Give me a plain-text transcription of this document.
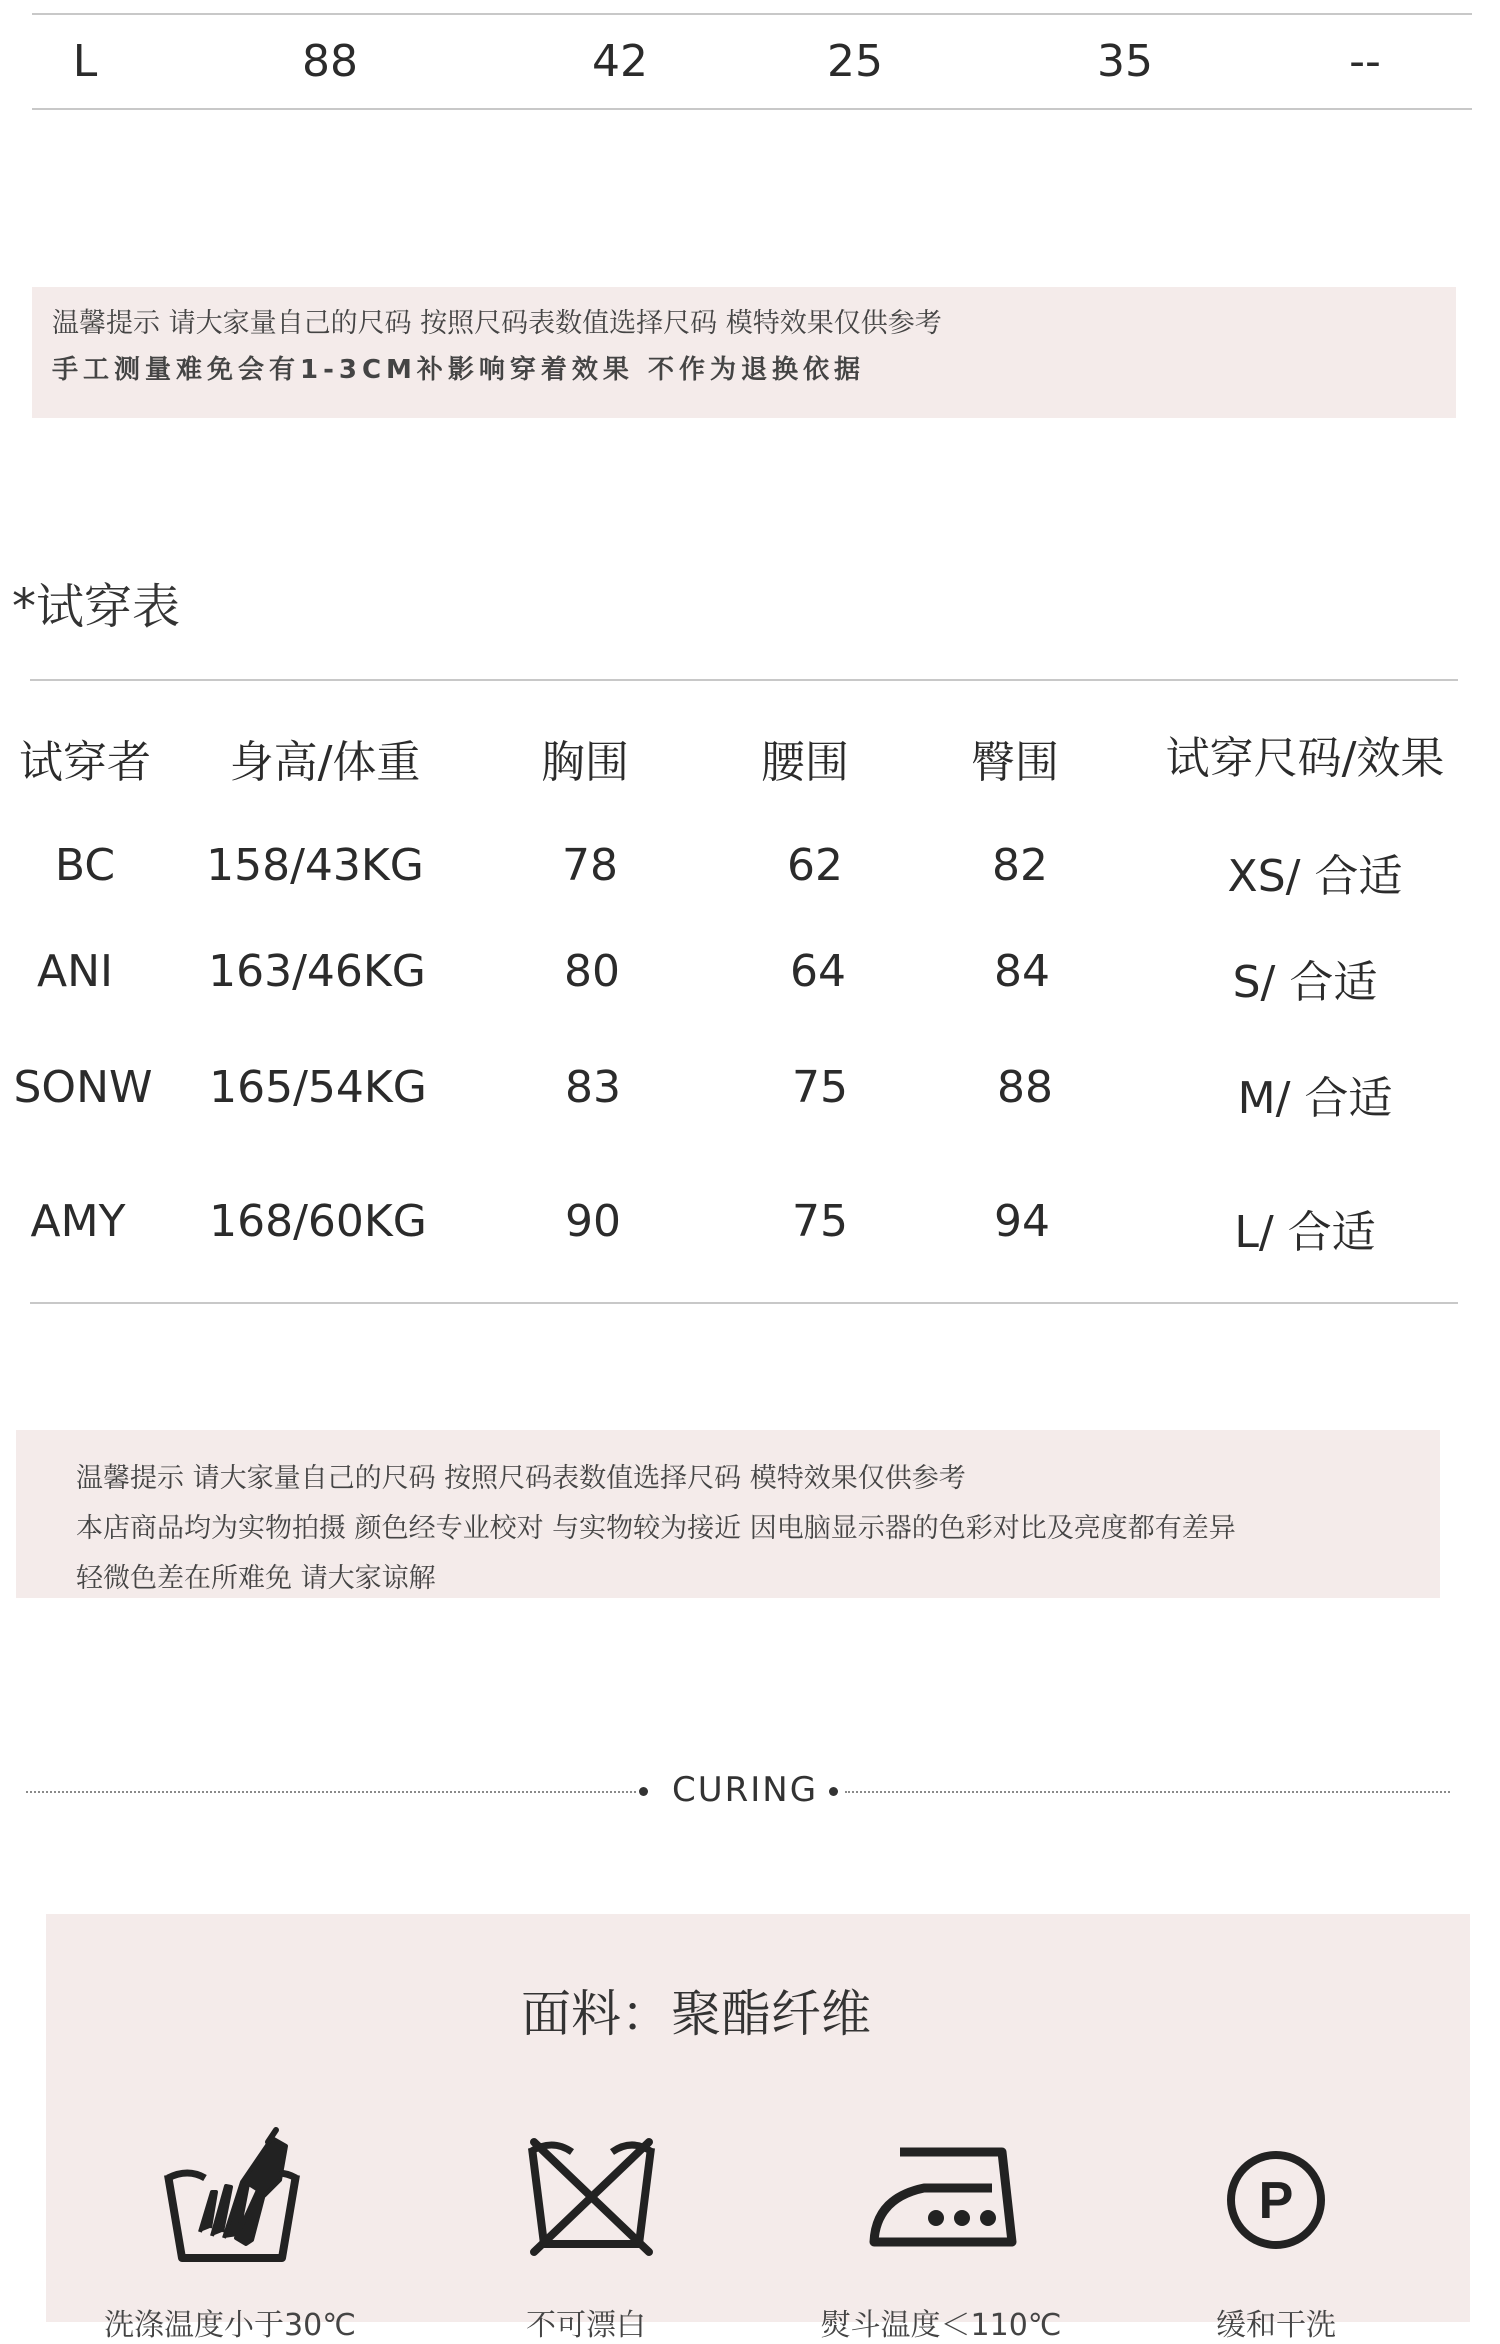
L	88	42	25	35	--
温馨提示 请大家量自己的尺码 按照尺码表数值选择尺码 模特效果仅供参考
手工测量难免会有1-3CM补影响穿着效果 不作为退换依据
*试穿表
试穿者	身高/体重	胸围	腰围	臀围	试穿尺码/效果
BC	158/43KG	78	62	82	XS/ 合适
ANI	163/46KG	80	64	84	S/ 合适
SONW	165/54KG	83	75	88	M/ 合适
AMY	168/60KG	90	75	94	L/ 合适
温馨提示 请大家量自己的尺码 按照尺码表数值选择尺码 模特效果仅供参考
本店商品均为实物拍摄 颜色经专业校对 与实物较为接近 因电脑显示器的色彩对比及亮度都有差异
轻微色差在所难免 请大家谅解
CURING
面料：聚酯纤维
P
洗涤温度小于30℃	不可漂白	熨斗温度＜110℃	缓和干洗
